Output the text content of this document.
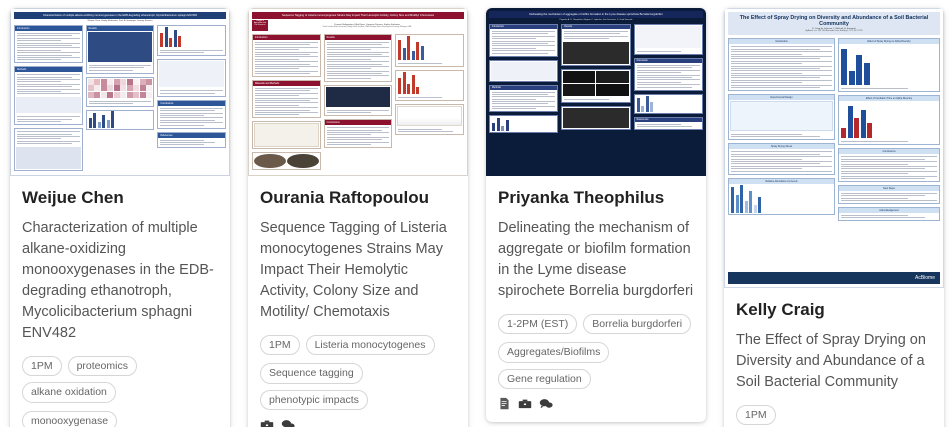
Characterization of multiple alkane-oxidizing monooxygenases in the EDB-degrading ethanotroph, Mycolicibacterium sphagni ENV482
Weijue Chen, Shaily Mahendra, Paul B. Hatzinger, Jeremy Semrau
Introduction
Methods
Results
Conclusions
References
Weijue Chen
Characterization of multiple alkane-oxidizing monooxygenases in the EDB-degrading ethanotroph, Mycolicibacterium sphagni ENV482
1PM	proteomics
alkane oxidation
monooxygenase
Sequence Tagging of Listeria monocytogenes Strains May Impact Their Hemolytic Activity, Colony Size and Motility/ Chemotaxis
College of Agriculture and Life Sciences	Ourania Raftopoulou, Elliot Ryser, Cameron Parsons, Sophia Kathariou
North Carolina State University, Raleigh, North Carolina, USA; Michigan State University, East Lansing, Michigan, USA
Introduction
Materials and Methods
Results
Conclusions
Ourania Raftopoulou
Sequence Tagging of Listeria monocytogenes Strains May Impact Their Hemolytic Activity, Colony Size and Motility/ Chemotaxis
1PM	Listeria monocytogenes
Sequence tagging
phenotypic impacts
Delineating the mechanism of aggregate or biofilm formation in the Lyme disease spirochete Borrelia burgdorferi
Priyanka A. S. Theophilus, Meghan C. Lybecker, Dan Drecktrah, D. Scott Samuels
Introduction
Methods
Results
Discussion
References
Priyanka Theophilus
Delineating the mechanism of aggregate or biofilm formation in the Lyme disease spirochete Borrelia burgdorferi
1-2PM (EST)	Borrelia burgdorferi
Aggregates/Biofilms
Gene regulation
The Effect of Spray Drying on Diversity and Abundance of a Soil Bacterial Community
K. Craig, A. Johnson, T. Mitchell, B. Kaminski
AgBiome, Inc. 104 T.W. Alexander Drive, Building 1, RTP, NC 27709
Introduction
Experimental Design
Spray Drying Stress
Relative Abundance by Genus
Effect of Spray Drying on Alpha Diversity
Effect of Incubation Time on Alpha Diversity
Conclusions
Next Steps
Acknowledgement
AcBiome
Kelly Craig
The Effect of Spray Drying on Diversity and Abundance of a Soil Bacterial Community
1PM
